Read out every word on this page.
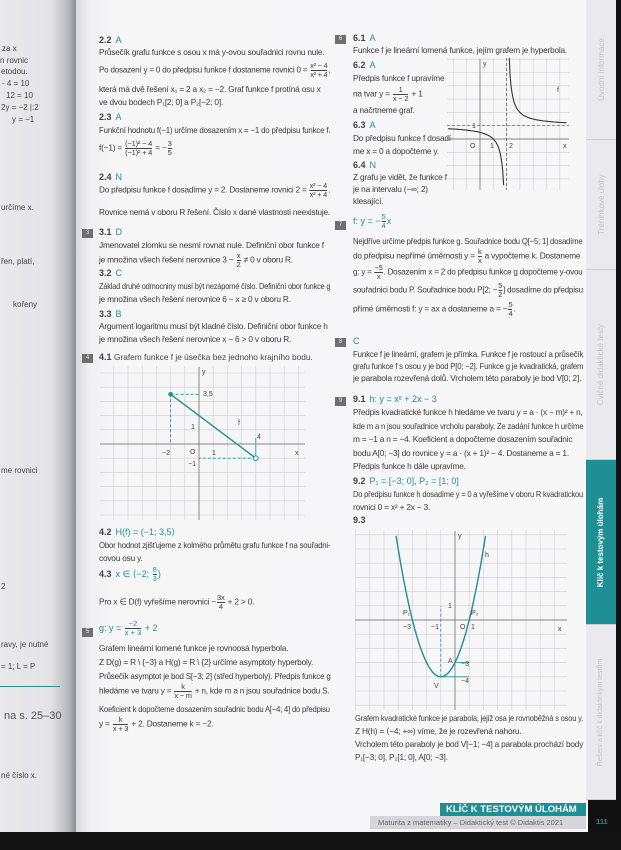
za x
n rovnic
etodou.
- 4 = 10
12 = 10
2y = −2 |:2
y = −1
určíme x.
řen, platí,
kořeny
me rovnici
2
ravy, je nutné
= 1; L = P
na s. 25–30
né číslo x.
2.2 A
Průsečík grafu funkce s osou x má y-ovou souřadnici rovnu nule.
Po dosazení y = 0 do předpisu funkce f dostaneme rovnici $0 = \frac{\text{x² − 4}}{\text{x² + 4}}$ ,
která má dvě řešení x₁ = 2 a x₂ = −2. Graf funkce f protíná osu x
ve dvou bodech P₁[2; 0] a P₂[−2; 0].
2.3 A
Funkční hodnotu f(−1) určíme dosazením x = −1 do předpisu funkce f.
$f(-1) = \frac{\text{(−1)² − 4}}{\text{(−1)² + 4}}$ = − $\frac{3}{5}$
2.4 N
Do předpisu funkce f dosadíme y = 2. Dostaneme rovnici $2 = \frac{\text{x² − 4}}{\text{x² + 4}}$ .
Rovnice nemá v oboru R řešení. Číslo x dané vlastnosti neexistuje.
3	3.1 D
Jmenovatel zlomku se nesmí rovnat nule. Definiční obor funkce f
je množina všech řešení nerovnice $3 - \frac{x}{2} \ne 0$ v oboru R.
3.2 C
Základ druhé odmocniny musí být nezáporné číslo. Definiční obor funkce g
je množina všech řešení nerovnice 6 − x ≥ 0 v oboru R.
3.3 B
Argument logaritmu musí být kladné číslo. Definiční obor funkce h
je množina všech řešení nerovnice x − 6 > 0 v oboru R.
4	4.1 Grafem funkce f je úsečka bez jednoho krajního bodu.
x
y
O
f
−2	1
4
3,5
1
−1
4.2 H(f) = (−1; 3,5⟩
Obor hodnot zjišťujeme z kolmého průmětu grafu funkce f na souřadni-
covou osu y.
4.3 x ∈ ⟨−2; $\frac{8}{3}$ )
Pro x ∈ D(f) vyřešíme nerovnici − $\frac{3x}{4} + 2 > 0$.
5	g: $y = \frac{-2}{x + 3} + 2$
Grafem lineární lomené funkce je rovnoosá hyperbola.
Z D(g) = R \ {−3} a H(g) = R \ {2} určíme asymptoty hyperboly.
Průsečík asymptot je bod S[−3; 2] (střed hyperboly). Předpis funkce g
hledáme ve tvaru $y = \frac{k}{x - m} + n$, kde m a n jsou souřadnice bodu S.
Koeficient k dopočteme dosazením souřadnic bodu A[−4; 4] do předpisu
$y = \frac{k}{x + 3} + 2$. Dostaneme k = −2.
6	6.1 A
Funkce f je lineární lomená funkce, jejím grafem je hyperbola.
6.2 A
Předpis funkce f upravíme
na tvar $y = \frac{1}{x - 2} + 1$
a načrtneme graf.
6.3 A
Do předpisu funkce f dosadí-
me x = 0 a dopočteme y.
6.4 N
Z grafu je vidět, že funkce f
je na intervalu (−∞; 2)
klesající.
x
y
O
f
1 2
1
7	f: y = − $\frac{5}{4}$ x
Nejdříve určíme předpis funkce g. Souřadnice bodu Q[−5; 1] dosadíme
do předpisu nepřímé úměrnosti $y = \frac{k}{x}$ a vypočteme k. Dostaneme
g: $y = \frac{-5}{x}$ . Dosazením x = 2 do předpisu funkce g dopočteme y-ovou
souřadnici bodu P. Souřadnice bodu P[2; − $\frac{5}{2}$ ] dosadíme do předpisu
přímé úměrnosti f: y = ax a dostaneme a = − $\frac{5}{4}$ .
8	C
Funkce f je lineární, grafem je přímka. Funkce f je rostoucí a průsečík
grafu funkce f s osou y je bod P[0; −2]. Funkce g je kvadratická, grafem
je parabola rozevřená dolů. Vrcholem této paraboly je bod V[0; 2].
9	9.1 h: y = x² + 2x − 3
Předpis kvadratické funkce h hledáme ve tvaru y = a · (x − m)² + n,
kde m a n jsou souřadnice vrcholu paraboly. Ze zadání funkce h určíme
m = −1 a n = −4. Koeficient a dopočteme dosazením souřadnic
bodu A[0; −3] do rovnice y = a · (x + 1)² − 4. Dostaneme a = 1.
Předpis funkce h dále upravíme.
9.2 P₁ = [−3; 0], P₂ = [1; 0]
Do předpisu funkce h dosadíme y = 0 a vyřešíme v oboru R kvadratickou
rovnici 0 = x² + 2x − 3.
9.3
x
y
O
h
P₁	P₂
A
V
−3	−1	1
1
−3
−4
Grafem kvadratické funkce je parabola, jejíž osa je rovnoběžná s osou y.
Z H(h) = ⟨−4; +∞) víme, že je rozevřená nahoru.
Vrcholem této paraboly je bod V[−1; −4] a parabola prochází body
P₁[−3; 0], P₂[1; 0], A[0; −3].
Úvodní informace
Tréninkové úlohy
Cvičné didaktické testy
Klíč k testovým úlohám
Řešení a klíč k didaktickým testům
KLÍČ K TESTOVÝM ÚLOHÁM
Maturita z matematiky – Didaktický test © Didaktis 2021	111
